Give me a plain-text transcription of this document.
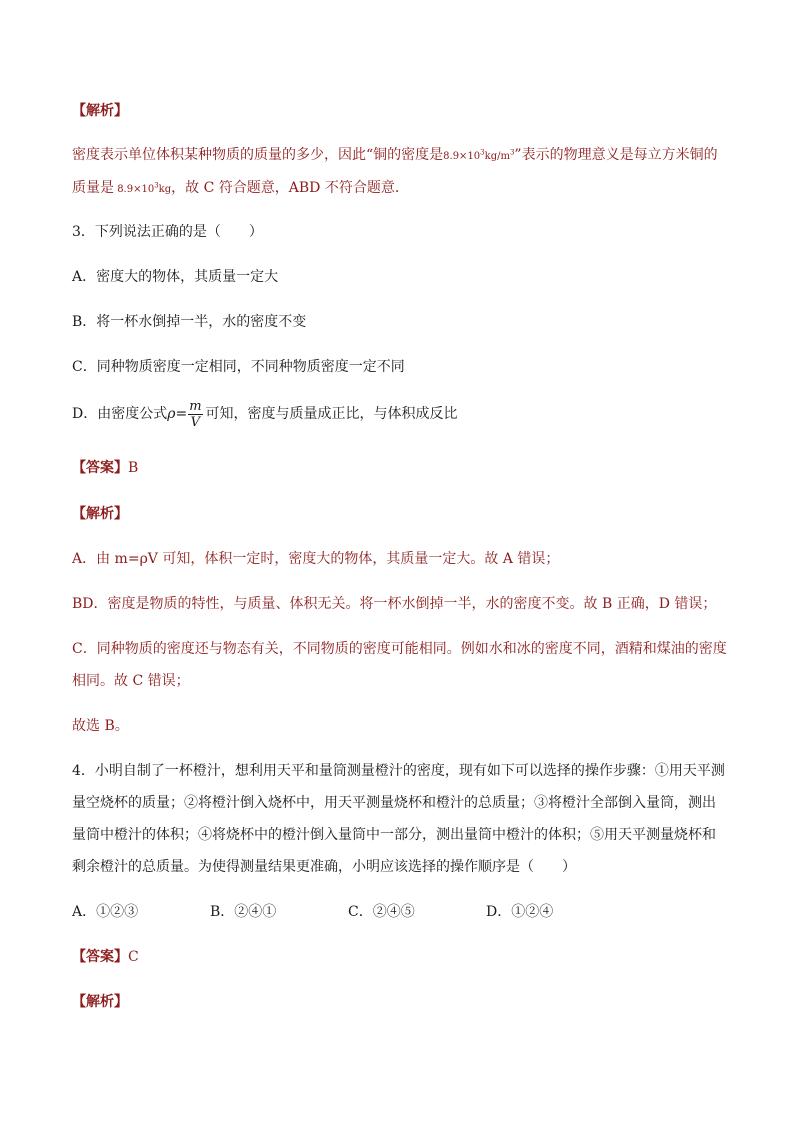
【解析】
密度表示单位体积某种物质的质量的多少，因此“铜的密度是$8.9\times 10^3kg/m^3$”表示的物理意义是每立方米铜的
质量是 $8.9\times 10^3kg$，故 C 符合题意，ABD 不符合题意．
3．下列说法正确的是（　　）
A．密度大的物体，其质量一定大
B．将一杯水倒掉一半，水的密度不变
C．同种物质密度一定相同，不同种物质密度一定不同
D．由密度公式$\rho= \frac{m}{V}$ 可知，密度与质量成正比，与体积成反比
【答案】B
【解析】
A．由 m=ρV 可知，体积一定时，密度大的物体，其质量一定大。故 A 错误；
BD．密度是物质的特性，与质量、体积无关。将一杯水倒掉一半，水的密度不变。故 B 正确，D 错误；
C．同种物质的密度还与物态有关，不同物质的密度可能相同。例如水和冰的密度不同，酒精和煤油的密度
相同。故 C 错误；
故选 B。
4．小明自制了一杯橙汁，想利用天平和量筒测量橙汁的密度，现有如下可以选择的操作步骤：①用天平测
量空烧杯的质量；②将橙汁倒入烧杯中，用天平测量烧杯和橙汁的总质量；③将橙汁全部倒入量筒，测出
量筒中橙汁的体积；④将烧杯中的橙汁倒入量筒中一部分，测出量筒中橙汁的体积；⑤用天平测量烧杯和
剩余橙汁的总质量。为使得测量结果更准确，小明应该选择的操作顺序是（　　）
A．①②③	B．②④①	C．②④⑤	D．①②④
【答案】C
【解析】
